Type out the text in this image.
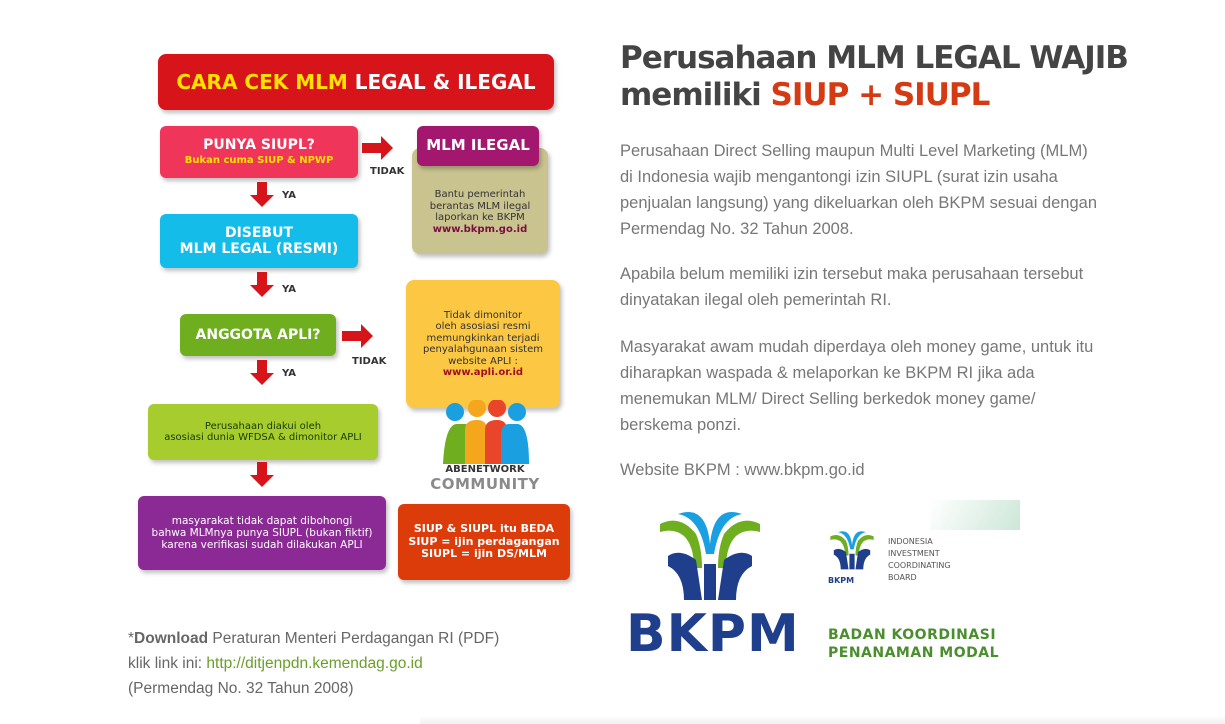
CARA CEK MLM LEGAL & ILEGAL
PUNYA SIUPL?
Bukan cuma SIUP & NPWP
TIDAK
Bantu pemerintah
berantas MLM ilegal
laporkan ke BKPM
www.bkpm.go.id
MLM ILEGAL
YA
DISEBUT
MLM LEGAL (RESMI)
YA
ANGGOTA APLI?
TIDAK
Tidak dimonitor
oleh asosiasi resmi
memungkinkan terjadi
penyalahgunaan sistem
website APLI :
www.apli.or.id
YA
Perusahaan diakui oleh
asosiasi dunia WFDSA & dimonitor APLI
masyarakat tidak dapat dibohongi
bahwa MLMnya punya SIUPL (bukan fiktif)
karena verifikasi sudah dilakukan APLI
ABENETWORK
COMMUNITY
SIUP & SIUPL itu BEDA
SIUP = ijin perdagangan
SIUPL = ijin DS/MLM
*Download Peraturan Menteri Perdagangan RI (PDF)
klik link ini: http://ditjenpdn.kemendag.go.id
(Permendag No. 32 Tahun 2008)
Perusahaan MLM LEGAL WAJIB
memiliki SIUP + SIUPL

Perusahaan Direct Selling maupun Multi Level Marketing (MLM) di Indonesia wajib mengantongi izin SIUPL (surat izin usaha penjualan langsung) yang dikeluarkan oleh BKPM sesuai dengan Permendag No. 32 Tahun 2008.

Apabila belum memiliki izin tersebut maka perusahaan tersebut dinyatakan ilegal oleh pemerintah RI.

Masyarakat awam mudah diperdaya oleh money game, untuk itu diharapkan waspada & melaporkan ke BKPM RI jika ada menemukan MLM/ Direct Selling berkedok money game/ berskema ponzi.

Website BKPM : www.bkpm.go.id

BKPM
INDONESIA
INVESTMENT
COORDINATING
BOARD
BKPM BADAN KOORDINASI
PENANAMAN MODAL
